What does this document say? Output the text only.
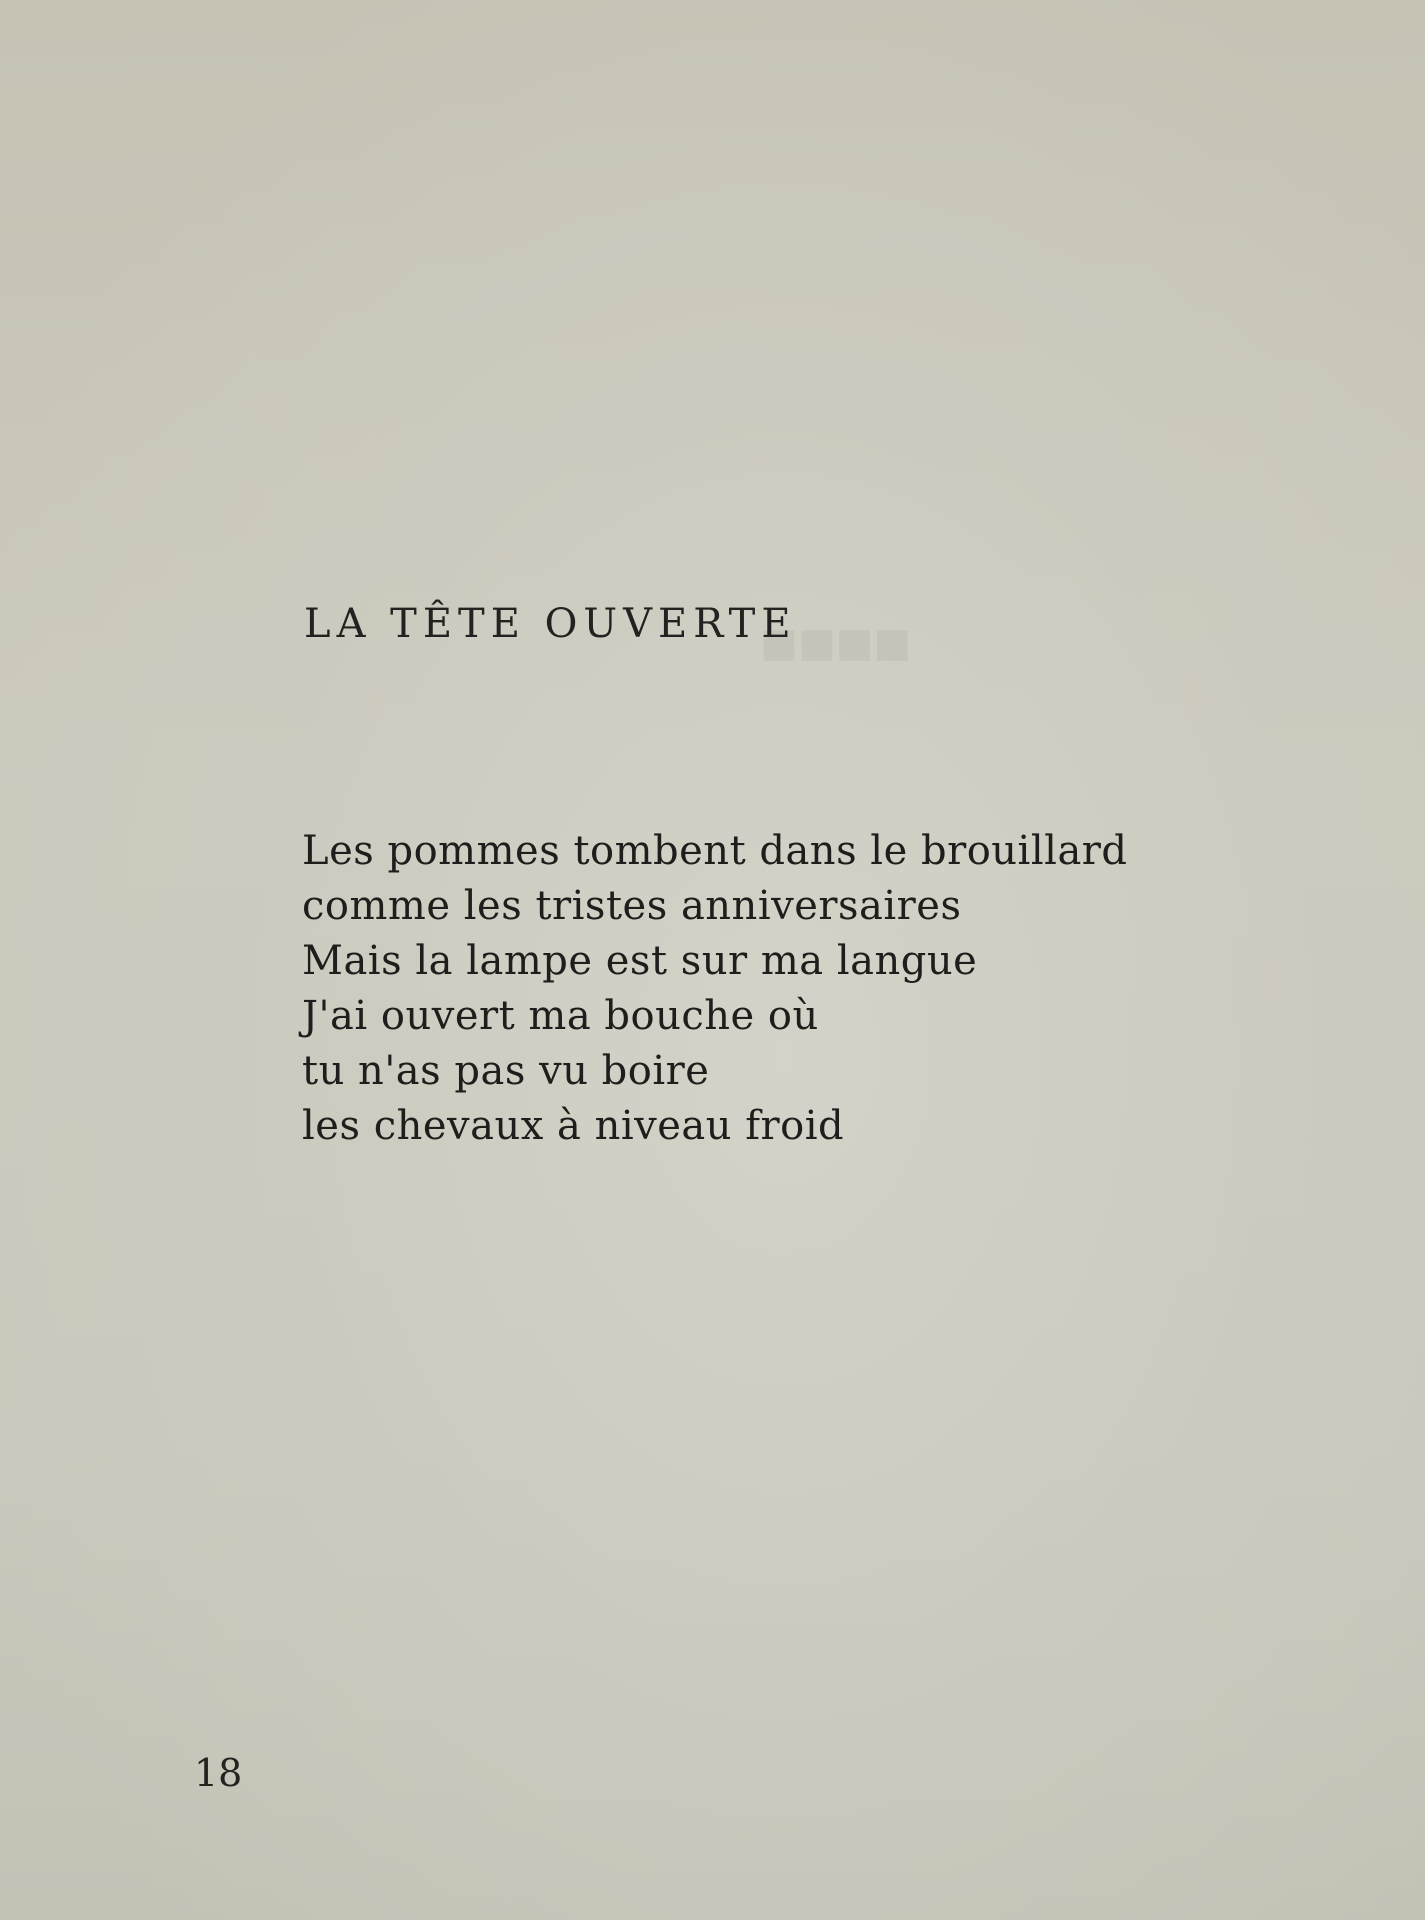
■■■■
LA TÊTE OUVERTE
Les pommes tombent dans le brouillard
comme les tristes anniversaires
Mais la lampe est sur ma langue
J'ai ouvert ma bouche où
tu n'as pas vu boire
les chevaux à niveau froid
18
